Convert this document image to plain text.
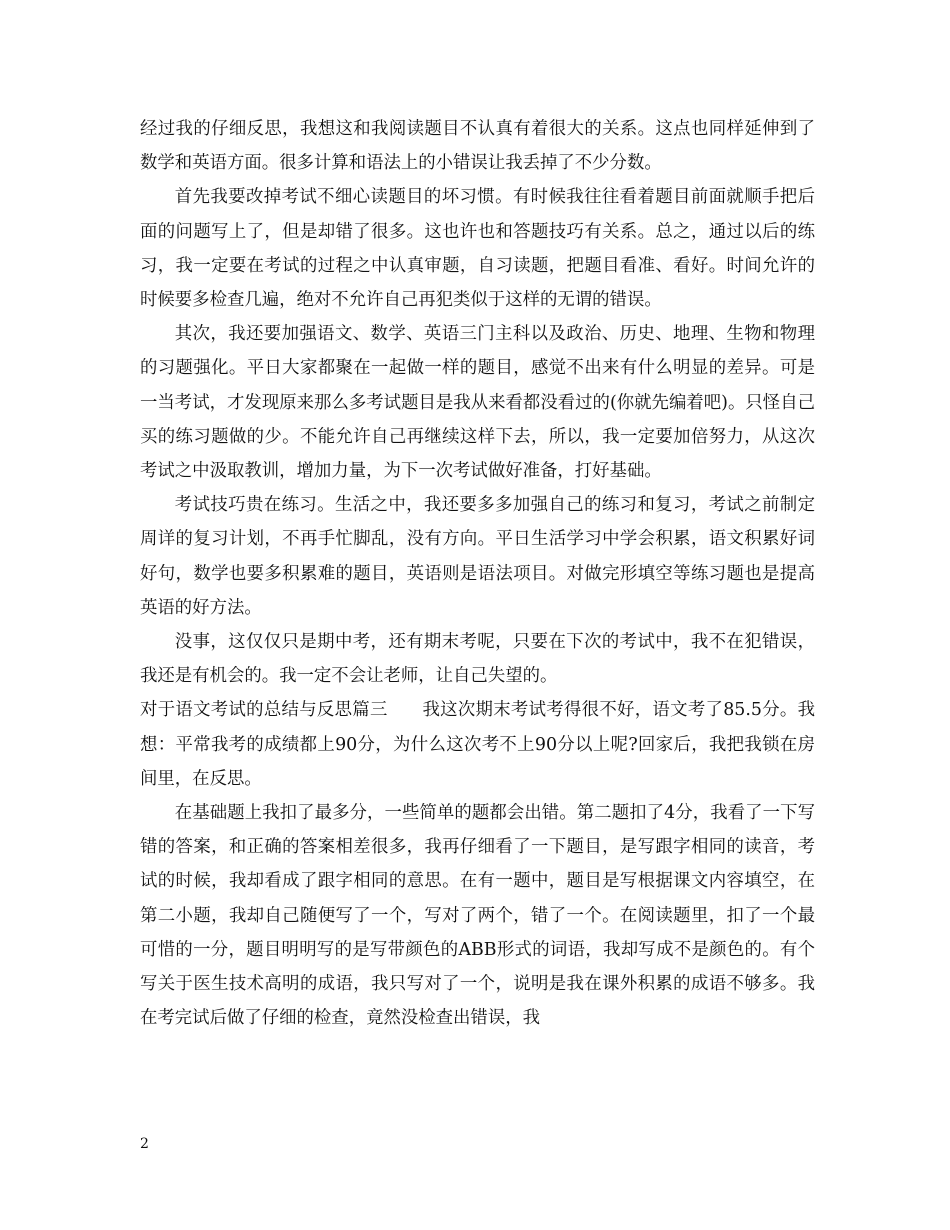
经过我的仔细反思，我想这和我阅读题目不认真有着很大的关系。这点也同样延伸到了数学和英语方面。很多计算和语法上的小错误让我丢掉了不少分数。

首先我要改掉考试不细心读题目的坏习惯。有时候我往往看着题目前面就顺手把后面的问题写上了，但是却错了很多。这也许也和答题技巧有关系。总之，通过以后的练习，我一定要在考试的过程之中认真审题，自习读题，把题目看准、看好。时间允许的时候要多检查几遍，绝对不允许自己再犯类似于这样的无谓的错误。

其次，我还要加强语文、数学、英语三门主科以及政治、历史、地理、生物和物理的习题强化。平日大家都聚在一起做一样的题目，感觉不出来有什么明显的差异。可是一当考试，才发现原来那么多考试题目是我从来看都没看过的(你就先编着吧)。只怪自己买的练习题做的少。不能允许自己再继续这样下去，所以，我一定要加倍努力，从这次考试之中汲取教训，增加力量，为下一次考试做好准备，打好基础。

考试技巧贵在练习。生活之中，我还要多多加强自己的练习和复习，考试之前制定周详的复习计划，不再手忙脚乱，没有方向。平日生活学习中学会积累，语文积累好词好句，数学也要多积累难的题目，英语则是语法项目。对做完形填空等练习题也是提高英语的好方法。

没事，这仅仅只是期中考，还有期末考呢，只要在下次的考试中，我不在犯错误，我还是有机会的。我一定不会让老师，让自己失望的。

对于语文考试的总结与反思篇三 我这次期末考试考得很不好，语文考了85.5分。我想：平常我考的成绩都上90分，为什么这次考不上90分以上呢?回家后，我把我锁在房间里，在反思。

在基础题上我扣了最多分，一些简单的题都会出错。第二题扣了4分，我看了一下写错的答案，和正确的答案相差很多，我再仔细看了一下题目，是写跟字相同的读音，考试的时候，我却看成了跟字相同的意思。在有一题中，题目是写根据课文内容填空，在第二小题，我却自己随便写了一个，写对了两个，错了一个。在阅读题里，扣了一个最可惜的一分，题目明明写的是写带颜色的ABB形式的词语，我却写成不是颜色的。有个写关于医生技术高明的成语，我只写对了一个，说明是我在课外积累的成语不够多。我在考完试后做了仔细的检查，竟然没检查出错误，我

2
